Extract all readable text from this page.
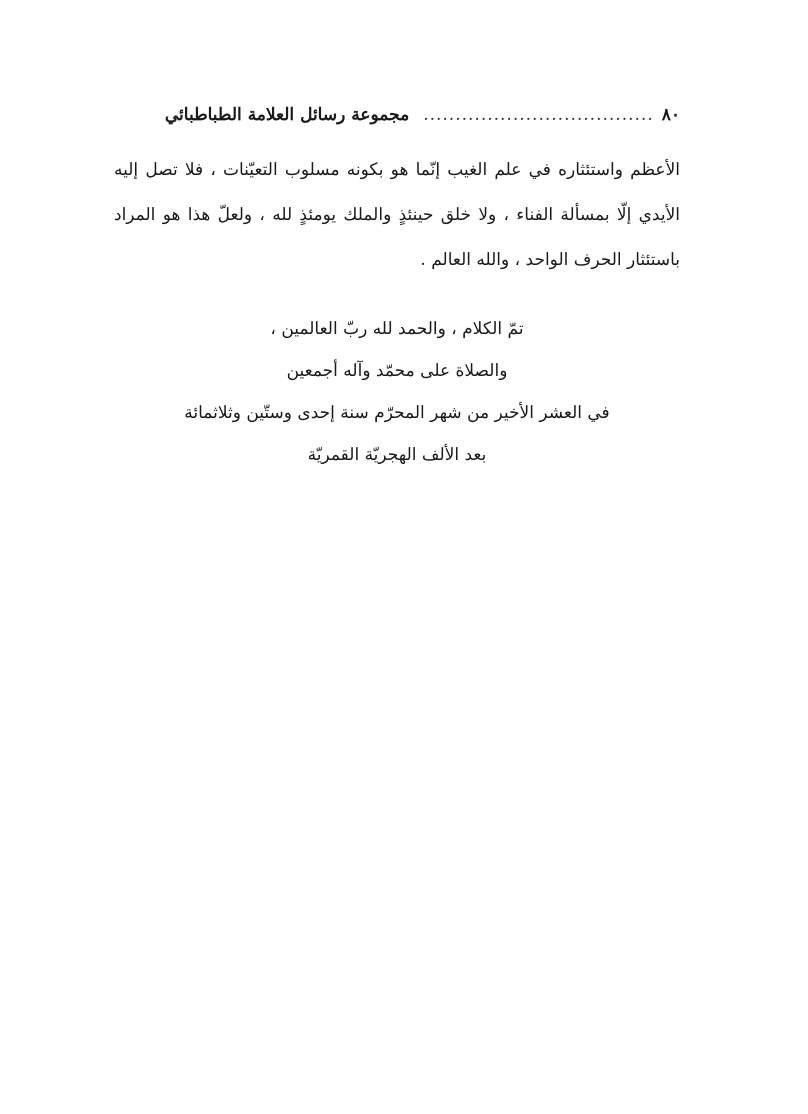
٨٠
....................................
مجموعة رسائل العلامة الطباطبائي

الأعظم واستئثاره في علم الغيب إنّما هو بكونه مسلوب التعيّنات ، فلا تصل إليه الأيدي إلّا بمسألة الفناء ، ولا خلق حينئذٍ والملك يومئذٍ لله ، ولعلّ هذا هو المراد باستئثار الحرف الواحد ، والله العالم .

تمّ الكلام ، والحمد لله ربّ العالمين ،
والصلاة على محمّد وآله أجمعين
في العشر الأخير من شهر المحرّم سنة إحدى وستّين وثلاثمائة
بعد الألف الهجريّة القمريّة
